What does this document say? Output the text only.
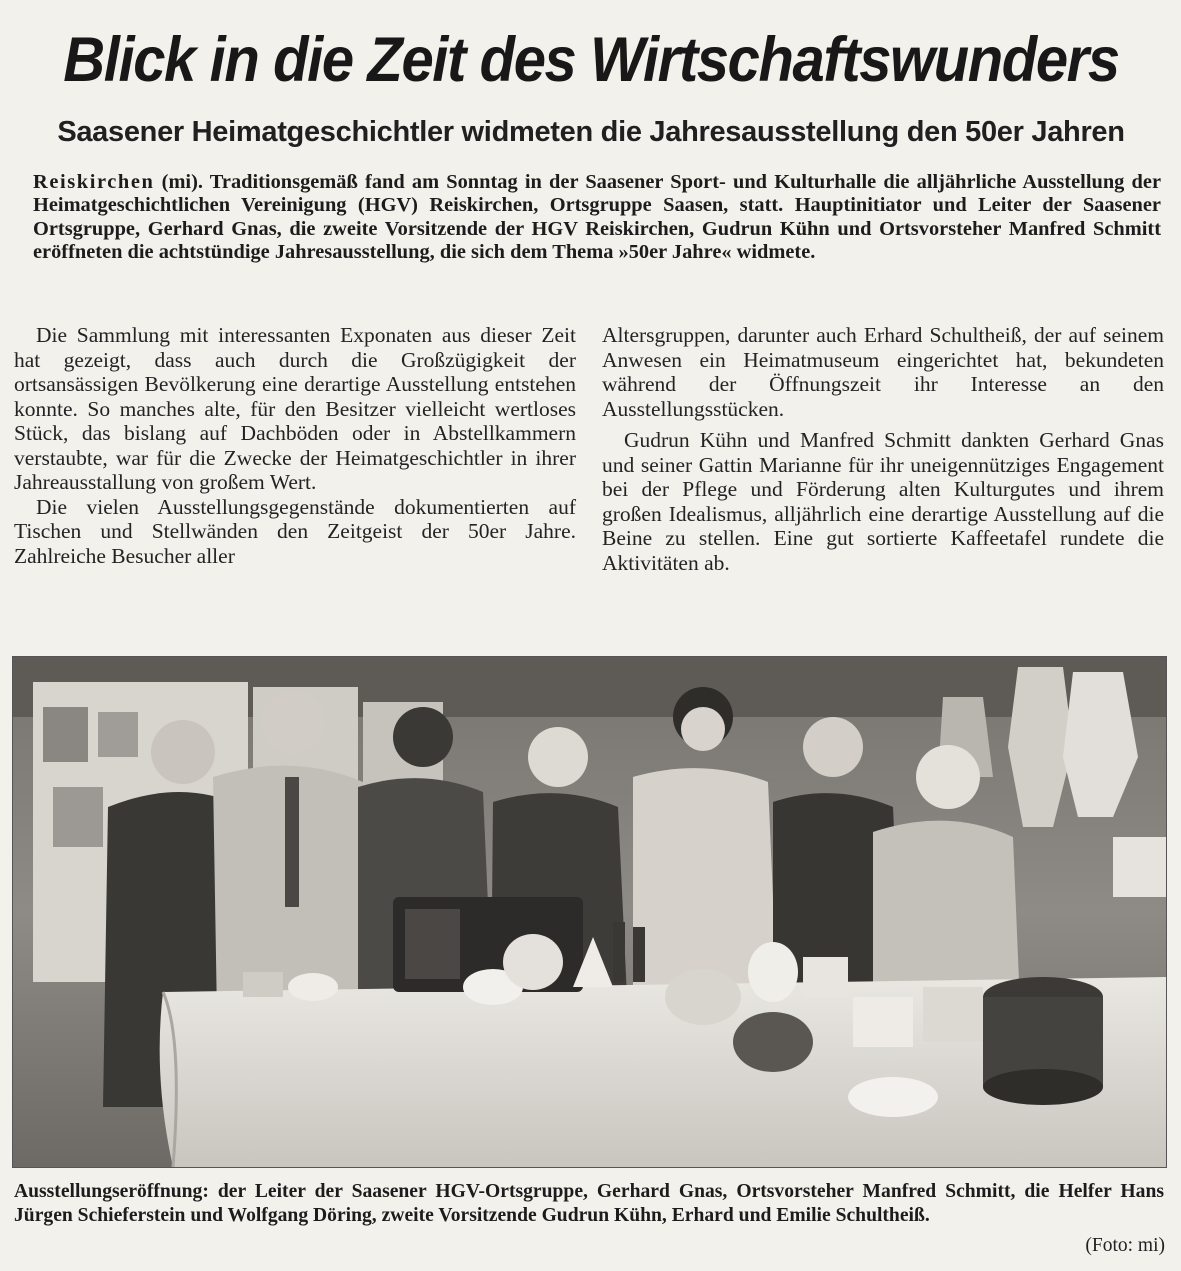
Blick in die Zeit des Wirtschaftswunders
Saasener Heimatgeschichtler widmeten die Jahresausstellung den 50er Jahren
Reiskirchen (mi). Traditionsgemäß fand am Sonntag in der Saasener Sport- und Kulturhalle die alljährliche Ausstellung der Heimatgeschichtlichen Vereinigung (HGV) Reiskirchen, Ortsgruppe Saasen, statt. Hauptinitiator und Leiter der Saasener Ortsgruppe, Gerhard Gnas, die zweite Vorsitzende der HGV Reiskirchen, Gudrun Kühn und Ortsvorsteher Manfred Schmitt eröffneten die achtstündige Jahresausstellung, die sich dem Thema »50er Jahre« widmete.

Die Sammlung mit interessanten Exponaten aus dieser Zeit hat gezeigt, dass auch durch die Großzügigkeit der ortsansässigen Bevölkerung eine derartige Ausstellung entstehen konnte. So manches alte, für den Besitzer vielleicht wertloses Stück, das bislang auf Dachböden oder in Abstellkammern verstaubte, war für die Zwecke der Heimatgeschichtler in ihrer Jahreausstallung von großem Wert.

Die vielen Ausstellungsgegenstände dokumentierten auf Tischen und Stellwänden den Zeitgeist der 50er Jahre. Zahlreiche Besucher aller

Altersgruppen, darunter auch Erhard Schultheiß, der auf seinem Anwesen ein Heimatmuseum eingerichtet hat, bekundeten während der Öffnungszeit ihr Interesse an den Ausstellungsstücken.

Gudrun Kühn und Manfred Schmitt dankten Gerhard Gnas und seiner Gattin Marianne für ihr uneigennütziges Engagement bei der Pflege und Förderung alten Kulturgutes und ihrem großen Idealismus, alljährlich eine derartige Ausstellung auf die Beine zu stellen. Eine gut sortierte Kaffeetafel rundete die Aktivitäten ab.

Ausstellungseröffnung: der Leiter der Saasener HGV-Ortsgruppe, Gerhard Gnas, Ortsvorsteher Manfred Schmitt, die Helfer Hans Jürgen Schieferstein und Wolfgang Döring, zweite Vorsitzende Gudrun Kühn, Erhard und Emilie Schultheiß.

(Foto: mi)
